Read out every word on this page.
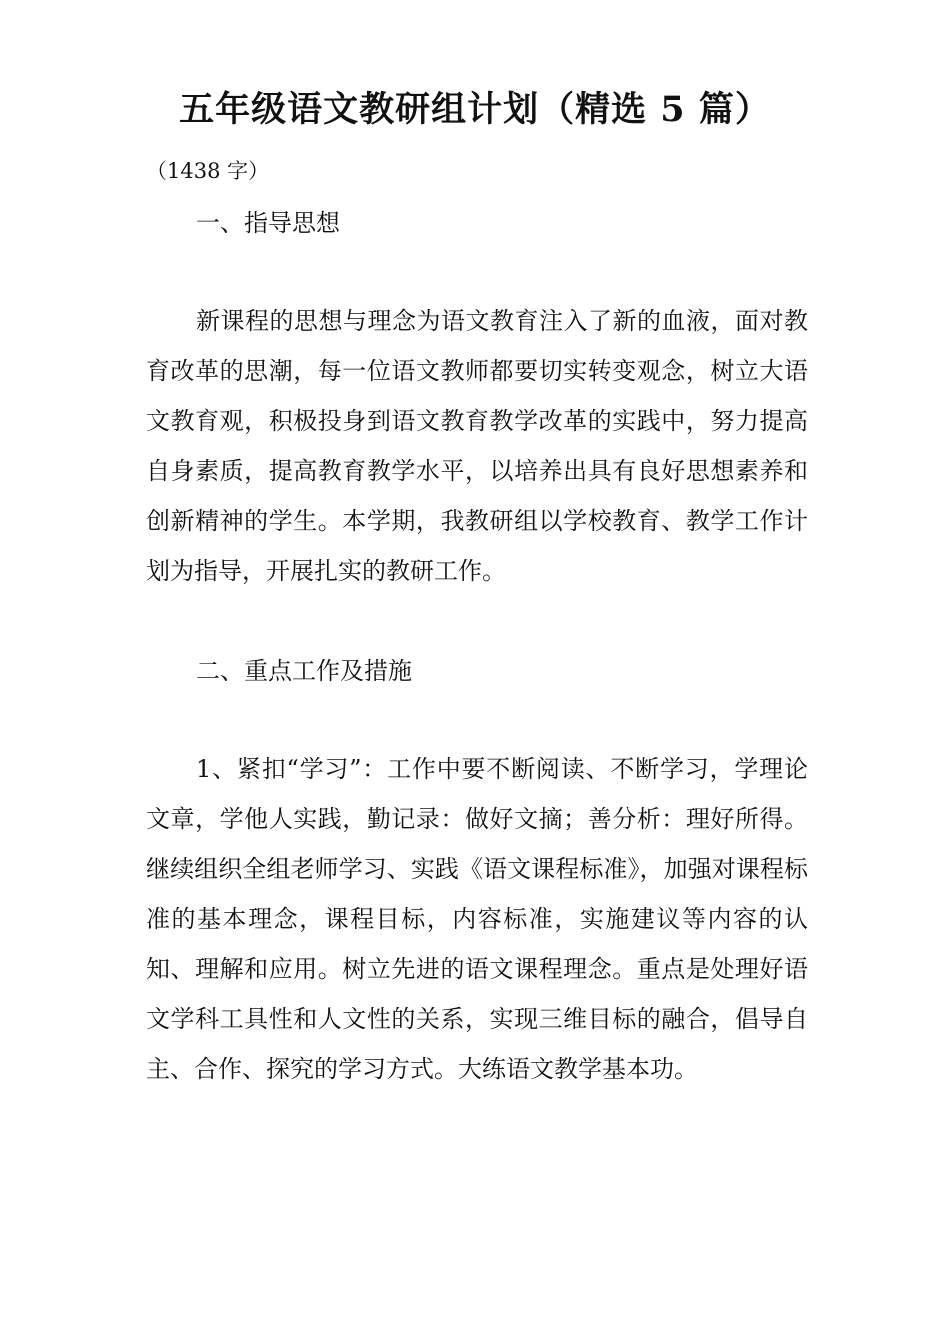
五年级语文教研组计划（精选 5 篇）
（1438 字）
一、指导思想

新课程的思想与理念为语文教育注入了新的血液，面对教育改革的思潮，每一位语文教师都要切实转变观念，树立大语文教育观，积极投身到语文教育教学改革的实践中，努力提高自身素质，提高教育教学水平，以培养出具有良好思想素养和创新精神的学生。本学期，我教研组以学校教育、教学工作计划为指导，开展扎实的教研工作。

二、重点工作及措施

1、紧扣“学习”：工作中要不断阅读、不断学习，学理论文章，学他人实践，勤记录：做好文摘；善分析：理好所得。继续组织全组老师学习、实践《语文课程标准》，加强对课程标准的基本理念，课程目标，内容标准，实施建议等内容的认知、理解和应用。树立先进的语文课程理念。重点是处理好语文学科工具性和人文性的关系，实现三维目标的融合，倡导自主、合作、探究的学习方式。大练语文教学基本功。
